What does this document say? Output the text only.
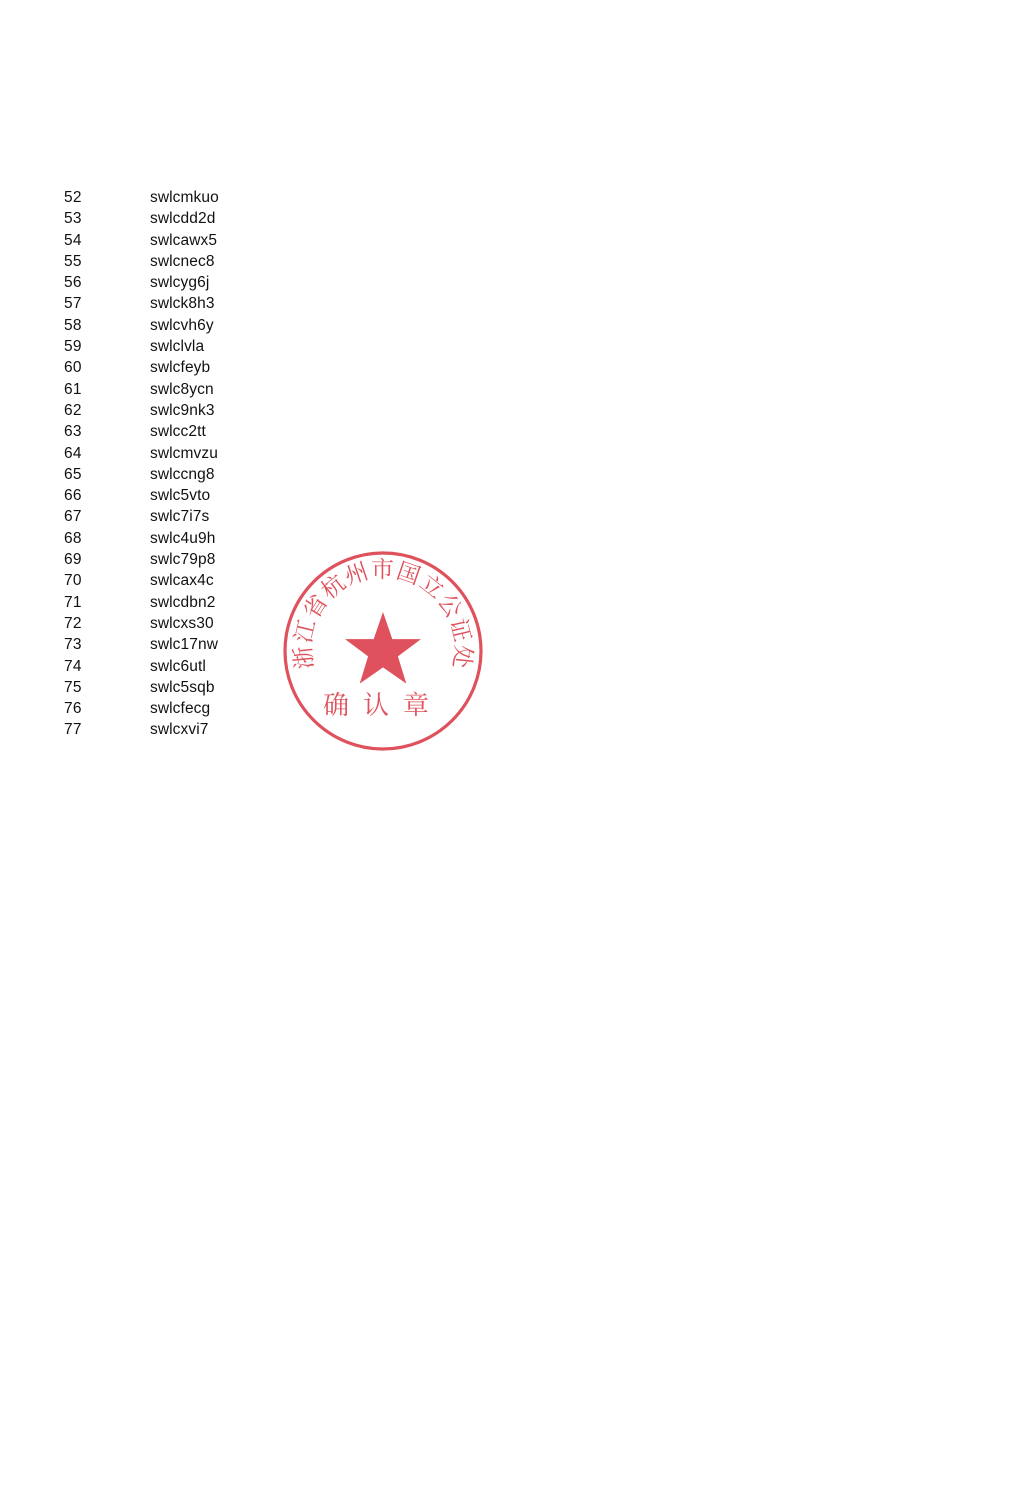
52	swlcmkuo
53	swlcdd2d
54	swlcawx5
55	swlcnec8
56	swlcyg6j
57	swlck8h3
58	swlcvh6y
59	swlclvla
60	swlcfeyb
61	swlc8ycn
62	swlc9nk3
63	swlcc2tt
64	swlcmvzu
65	swlccng8
66	swlc5vto
67	swlc7i7s
68	swlc4u9h
69	swlc79p8
70	swlcax4c
71	swlcdbn2
72	swlcxs30
73	swlc17nw
74	swlc6utl
75	swlc5sqb
76	swlcfecg
77	swlcxvi7
浙江省杭州市国立公证处
确认章
